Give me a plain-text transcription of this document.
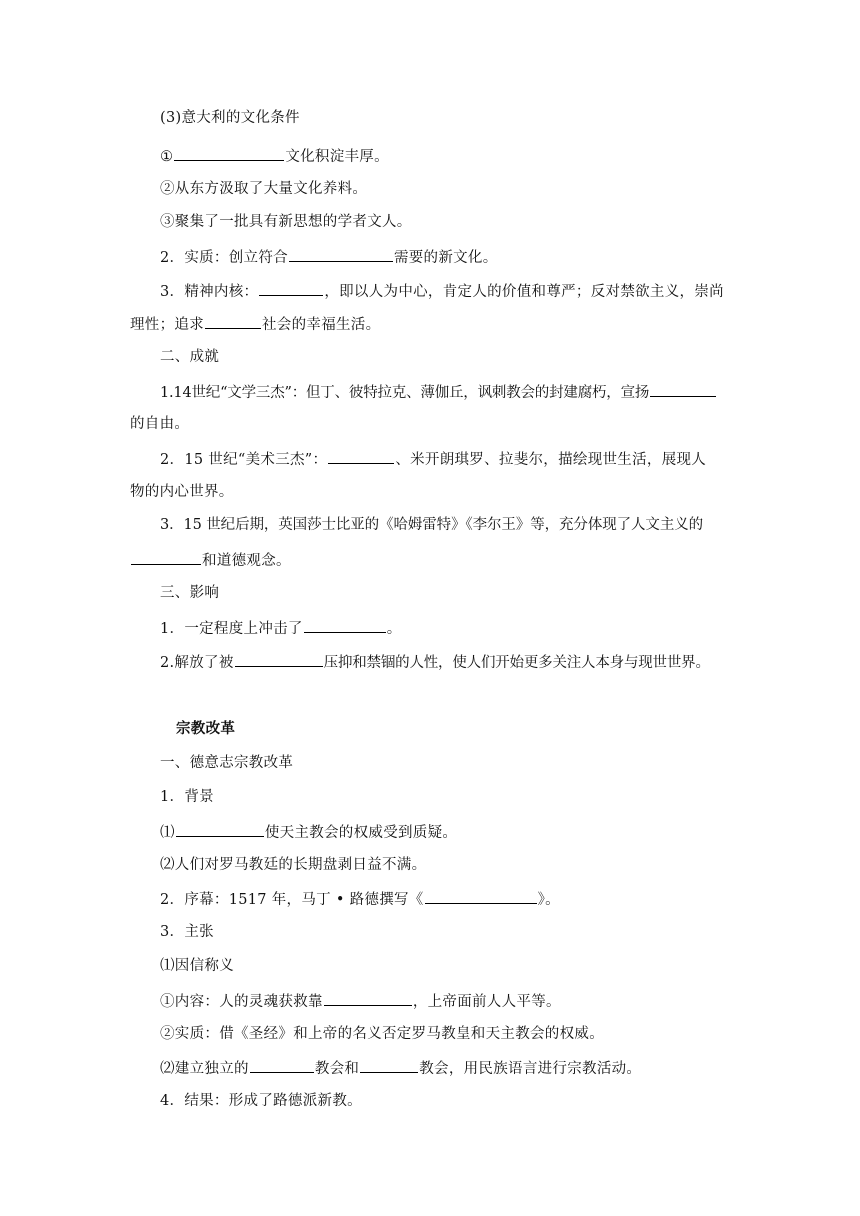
(3)意大利的文化条件
①	文化积淀丰厚。
②从东方汲取了大量文化养料。
③聚集了一批具有新思想的学者文人。
2．实质：创立符合	需要的新文化。
3．精神内核：	，即以人为中心，肯定人的价值和尊严；反对禁欲主义，崇尚
理性；追求	社会的幸福生活。
二、成就
1.14世纪“文学三杰”：但丁、彼特拉克、薄伽丘，讽刺教会的封建腐朽，宣扬
的自由。
2．15 世纪“美术三杰”：	、米开朗琪罗、拉斐尔，描绘现世生活，展现人
物的内心世界。
3．15 世纪后期，英国莎士比亚的《哈姆雷特》《李尔王》等，充分体现了人文主义的
和道德观念。
三、影响
1．一定程度上冲击了	。
2.解放了被	压抑和禁锢的人性，使人们开始更多关注人本身与现世世界。
宗教改革
一、德意志宗教改革
1．背景
⑴	使天主教会的权威受到质疑。
⑵人们对罗马教廷的长期盘剥日益不满。
2．序幕：1517 年，马丁 • 路德撰写《	》。
3．主张
⑴因信称义
①内容：人的灵魂获救靠	，上帝面前人人平等。
②实质：借《圣经》和上帝的名义否定罗马教皇和天主教会的权威。
⑵建立独立的	教会和	教会，用民族语言进行宗教活动。
4．结果：形成了路德派新教。
